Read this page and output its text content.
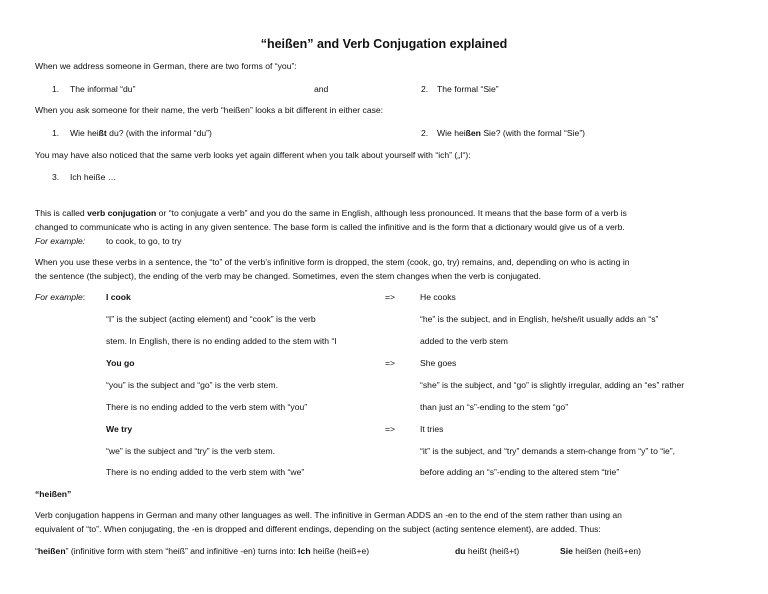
“heißen” and Verb Conjugation explained
When we address someone in German, there are two forms of “you”:
1. The informal “du”	and	2. The formal “Sie”
When you ask someone for their name, the verb “heißen” looks a bit different in either case:
1. Wie heißt du? (with the informal “du”)	2. Wie heißen Sie? (with the formal “Sie”)
You may have also noticed that the same verb looks yet again different when you talk about yourself with “ich” („I“):
3. Ich heiße …
This is called verb conjugation or “to conjugate a verb” and you do the same in English, although less pronounced. It means that the base form of a verb is
changed to communicate who is acting in any given sentence. The base form is called the infinitive and is the form that a dictionary would give us of a verb.
For example: to cook, to go, to try
When you use these verbs in a sentence, the “to” of the verb’s infinitive form is dropped, the stem (cook, go, try) remains, and, depending on who is acting in
the sentence (the subject), the ending of the verb may be changed. Sometimes, even the stem changes when the verb is conjugated.
For example: I cook	=>	He cooks
“I” is the subject (acting element) and “cook” is the verb	“he” is the subject, and in English, he/she/it usually adds an “s”
stem. In English, there is no ending added to the stem with “I	added to the verb stem
You go	=>	She goes
“you” is the subject and “go” is the verb stem.	“she” is the subject, and “go” is slightly irregular, adding an “es” rather
There is no ending added to the verb stem with “you”	than just an “s”-ending to the stem “go”
We try	=>	It tries
“we” is the subject and “try” is the verb stem.	“it” is the subject, and “try” demands a stem-change from “y” to “ie”,
There is no ending added to the verb stem with “we”	before adding an “s”-ending to the altered stem “trie”
“heißen”
Verb conjugation happens in German and many other languages as well. The infinitive in German ADDS an -en to the end of the stem rather than using an
equivalent of “to”. When conjugating, the -en is dropped and different endings, depending on the subject (acting sentence element), are added. Thus:
“heißen” (infinitive form with stem “heiß” and infinitive -en) turns into: Ich heiße (heiß+e)	du heißt (heiß+t)	Sie heißen (heiß+en)
